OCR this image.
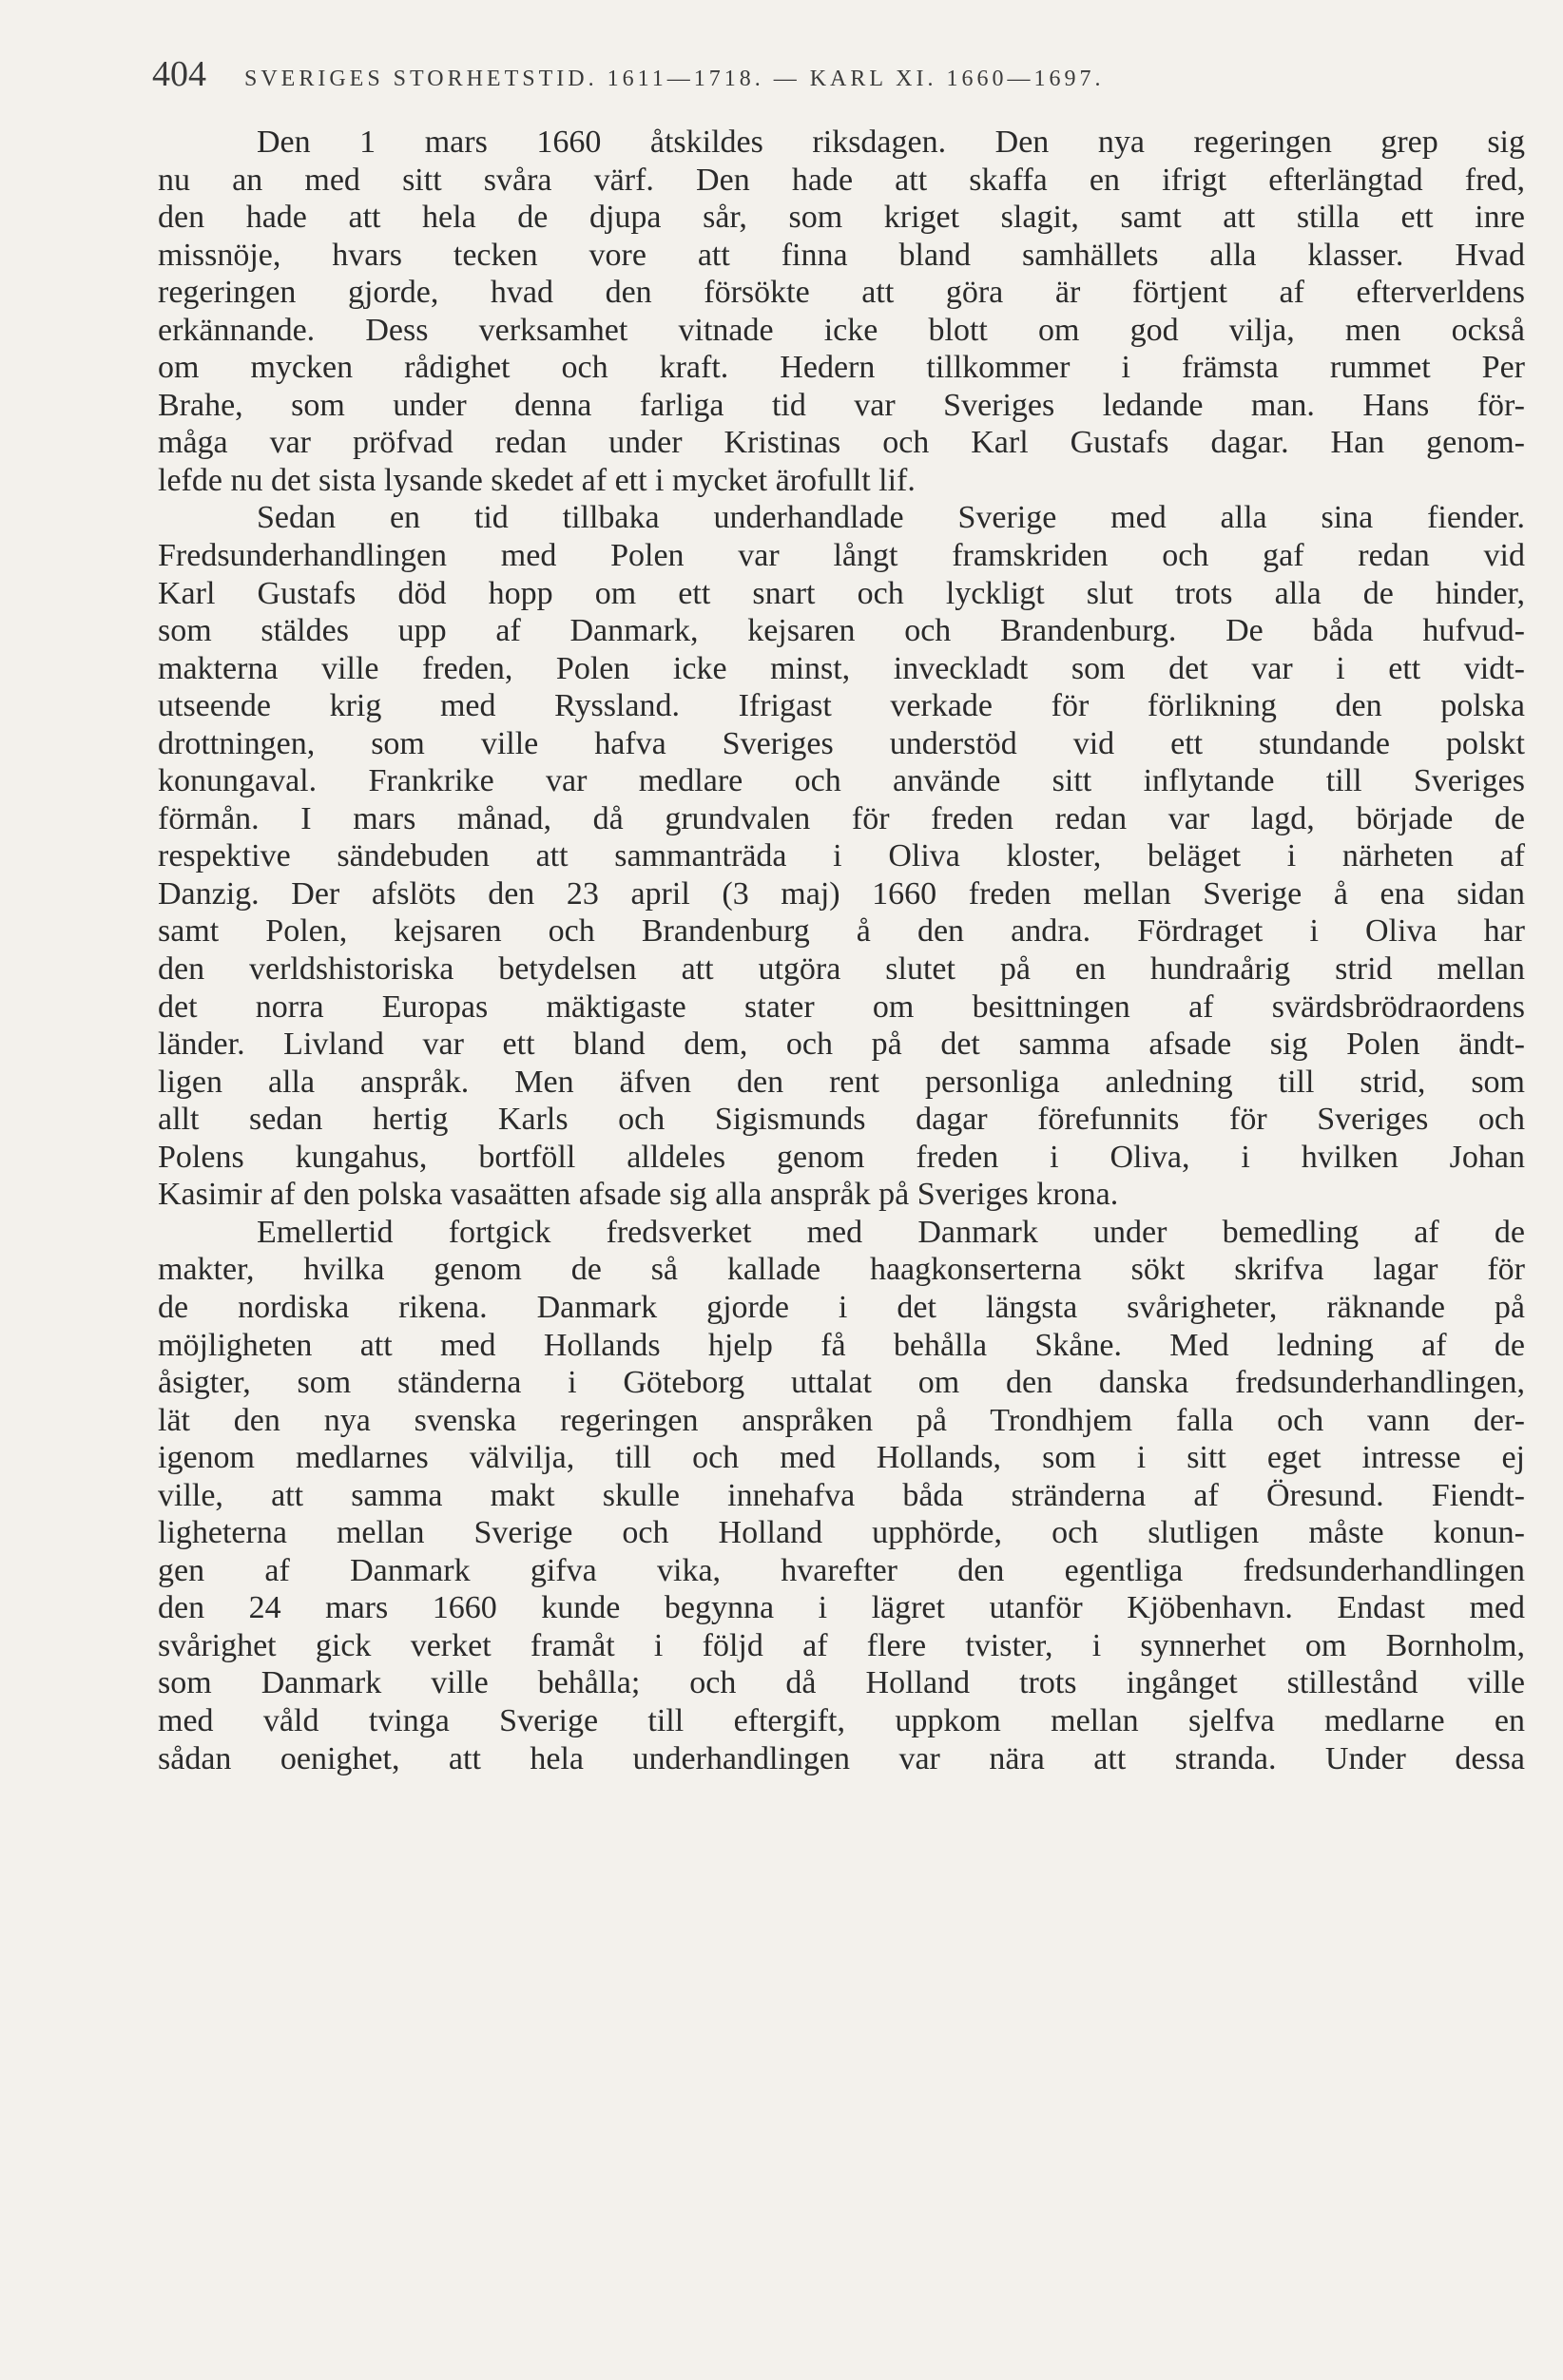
404 SVERIGES STORHETSTID. 1611—1718. — KARL XI. 1660—1697.
Den 1 mars 1660 åtskildes riksdagen. Den nya regeringen grep sig
nu an med sitt svåra värf. Den hade att skaffa en ifrigt efterlängtad fred,
den hade att hela de djupa sår, som kriget slagit, samt att stilla ett inre
missnöje, hvars tecken vore att finna bland samhällets alla klasser. Hvad
regeringen gjorde, hvad den försökte att göra är förtjent af efterverldens
erkännande. Dess verksamhet vitnade icke blott om god vilja, men också
om mycken rådighet och kraft. Hedern tillkommer i främsta rummet Per
Brahe, som under denna farliga tid var Sveriges ledande man. Hans för-
måga var pröfvad redan under Kristinas och Karl Gustafs dagar. Han genom-
lefde nu det sista lysande skedet af ett i mycket ärofullt lif.
Sedan en tid tillbaka underhandlade Sverige med alla sina fiender.
Fredsunderhandlingen med Polen var långt framskriden och gaf redan vid
Karl Gustafs död hopp om ett snart och lyckligt slut trots alla de hinder,
som stäldes upp af Danmark, kejsaren och Brandenburg. De båda hufvud-
makterna ville freden, Polen icke minst, inveckladt som det var i ett vidt-
utseende krig med Ryssland. Ifrigast verkade för förlikning den polska
drottningen, som ville hafva Sveriges understöd vid ett stundande polskt
konungaval. Frankrike var medlare och använde sitt inflytande till Sveriges
förmån. I mars månad, då grundvalen för freden redan var lagd, började de
respektive sändebuden att sammanträda i Oliva kloster, beläget i närheten af
Danzig. Der afslöts den 23 april (3 maj) 1660 freden mellan Sverige å ena sidan
samt Polen, kejsaren och Brandenburg å den andra. Fördraget i Oliva har
den verldshistoriska betydelsen att utgöra slutet på en hundraårig strid mellan
det norra Europas mäktigaste stater om besittningen af svärdsbrödraordens
länder. Livland var ett bland dem, och på det samma afsade sig Polen ändt-
ligen alla anspråk. Men äfven den rent personliga anledning till strid, som
allt sedan hertig Karls och Sigismunds dagar förefunnits för Sveriges och
Polens kungahus, bortföll alldeles genom freden i Oliva, i hvilken Johan
Kasimir af den polska vasaätten afsade sig alla anspråk på Sveriges krona.
Emellertid fortgick fredsverket med Danmark under bemedling af de
makter, hvilka genom de så kallade haagkonserterna sökt skrifva lagar för
de nordiska rikena. Danmark gjorde i det längsta svårigheter, räknande på
möjligheten att med Hollands hjelp få behålla Skåne. Med ledning af de
åsigter, som ständerna i Göteborg uttalat om den danska fredsunderhandlingen,
lät den nya svenska regeringen anspråken på Trondhjem falla och vann der-
igenom medlarnes välvilja, till och med Hollands, som i sitt eget intresse ej
ville, att samma makt skulle innehafva båda stränderna af Öresund. Fiendt-
ligheterna mellan Sverige och Holland upphörde, och slutligen måste konun-
gen af Danmark gifva vika, hvarefter den egentliga fredsunderhandlingen
den 24 mars 1660 kunde begynna i lägret utanför Kjöbenhavn. Endast med
svårighet gick verket framåt i följd af flere tvister, i synnerhet om Bornholm,
som Danmark ville behålla; och då Holland trots ingånget stillestånd ville
med våld tvinga Sverige till eftergift, uppkom mellan sjelfva medlarne en
sådan oenighet, att hela underhandlingen var nära att stranda. Under dessa
